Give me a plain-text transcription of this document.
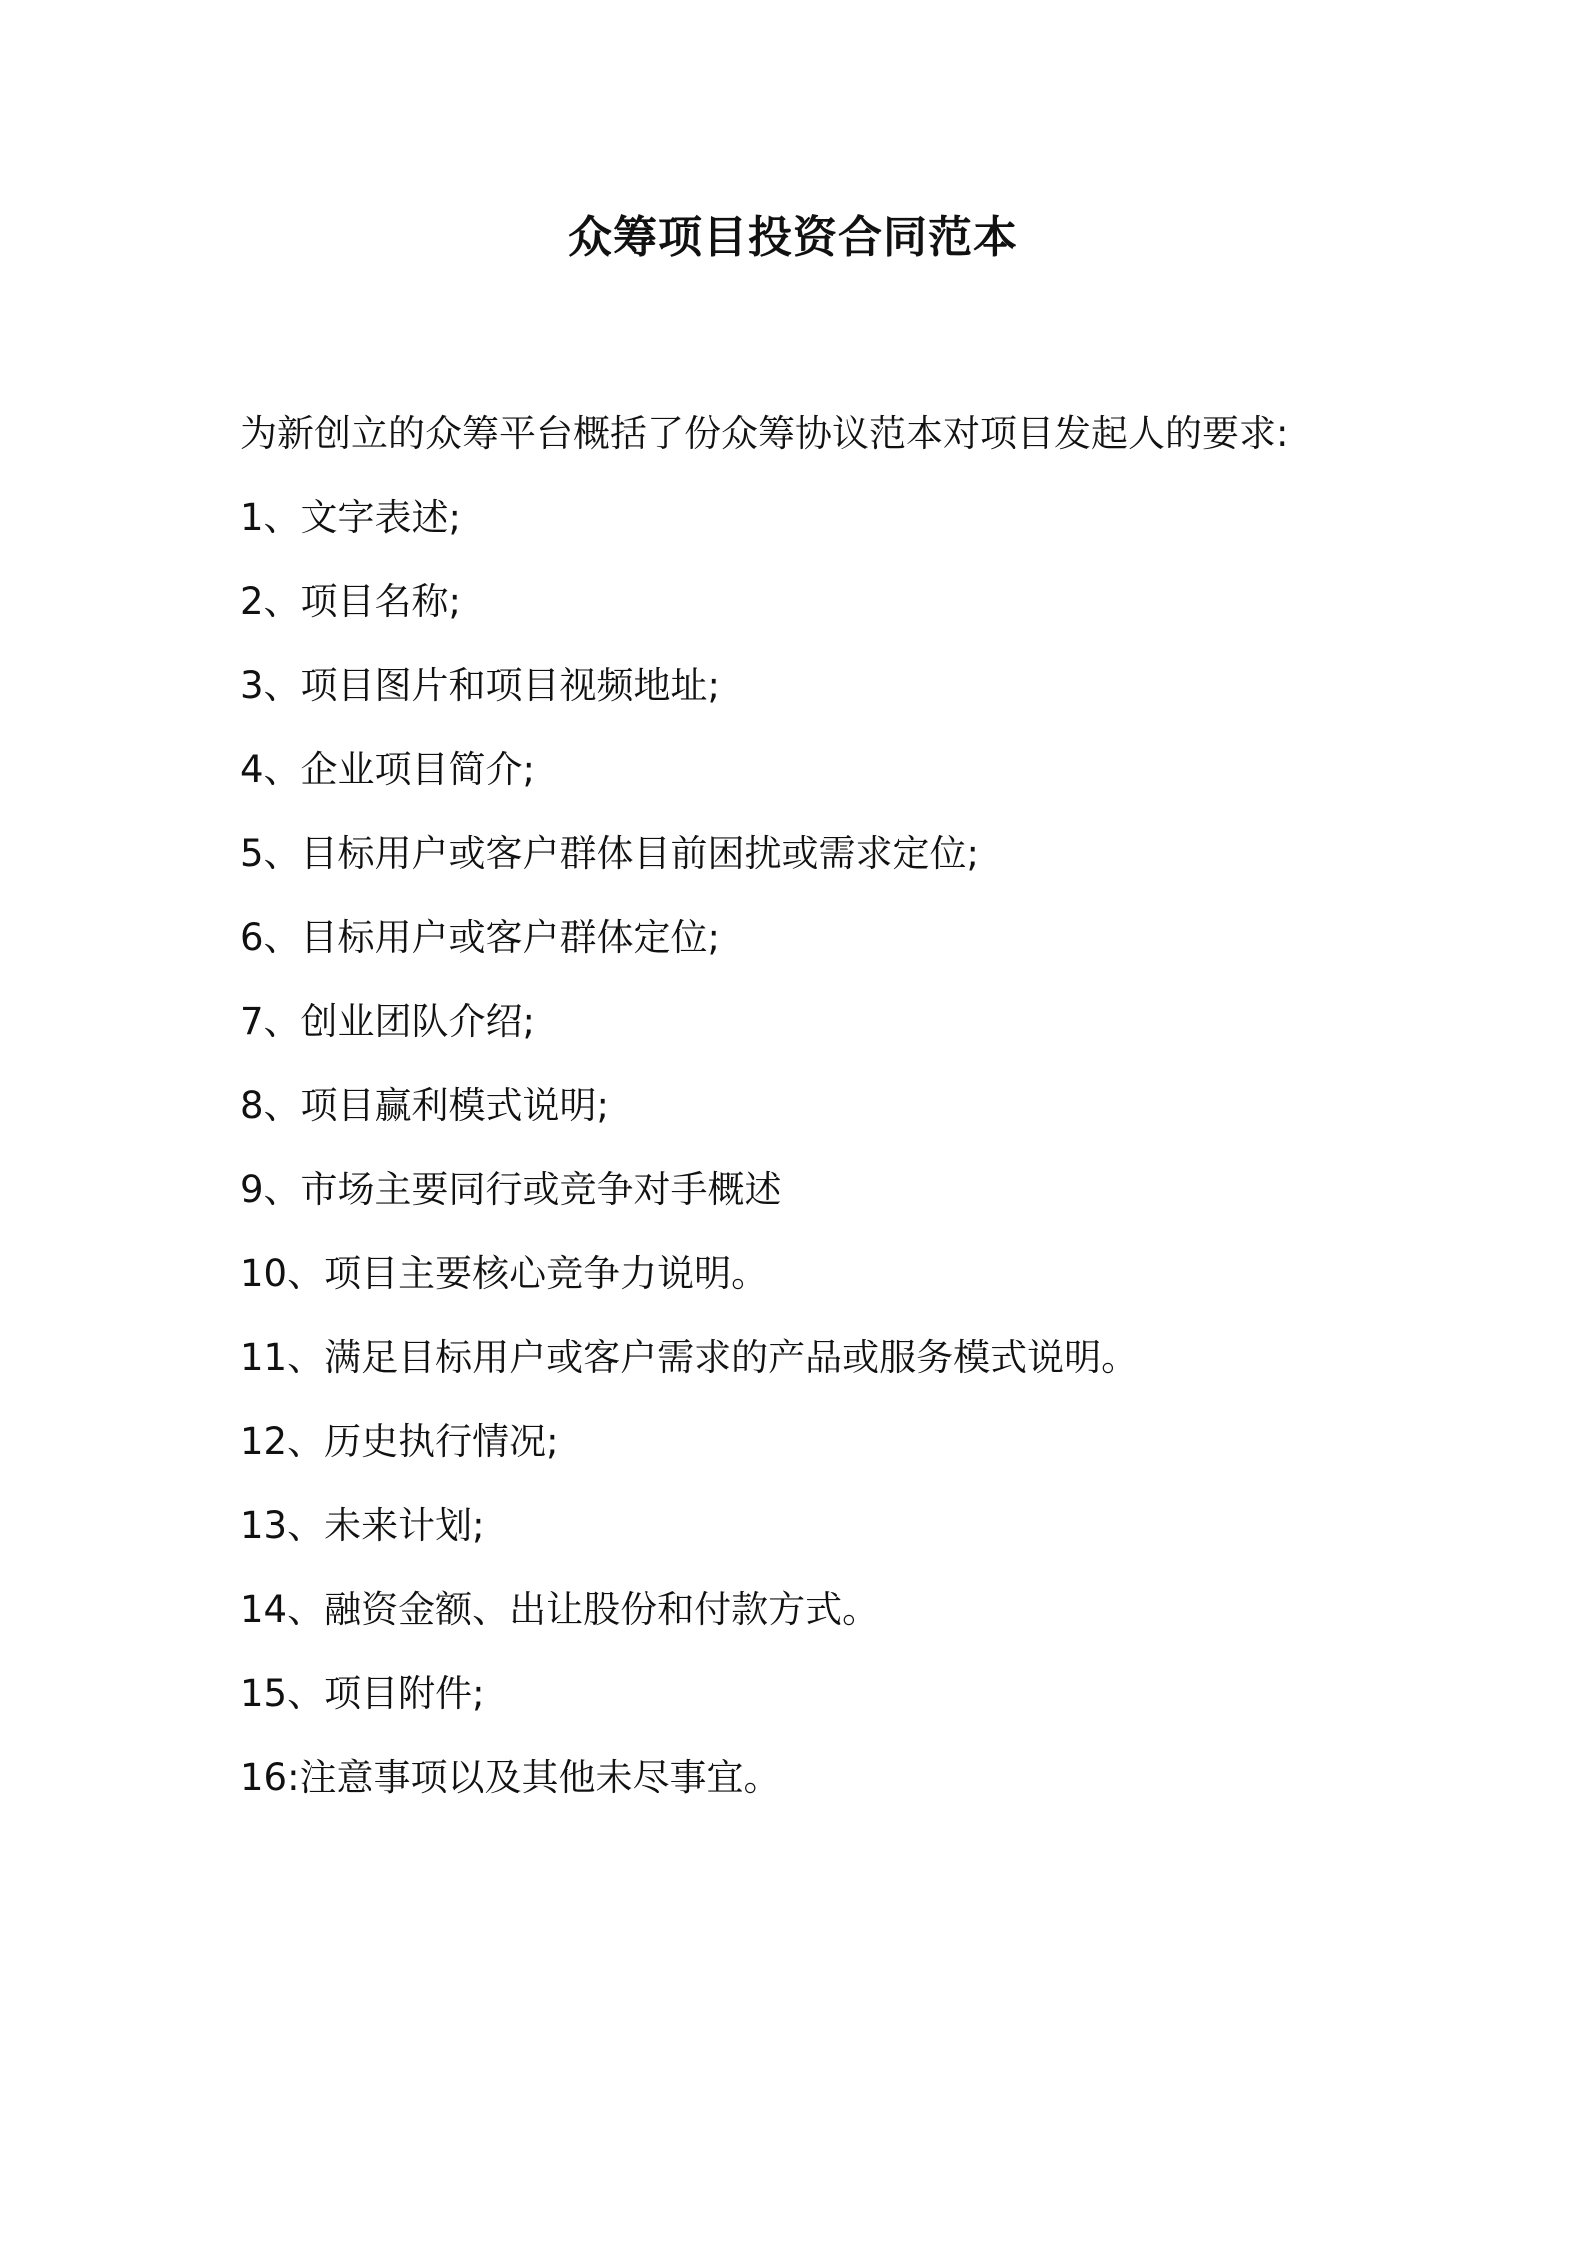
众筹项目投资合同范本

为新创立的众筹平台概括了份众筹协议范本对项目发起人的要求:

1、文字表述;
2、项目名称;
3、项目图片和项目视频地址;
4、企业项目简介;
5、目标用户或客户群体目前困扰或需求定位;
6、目标用户或客户群体定位;
7、创业团队介绍;
8、项目赢利模式说明;
9、市场主要同行或竞争对手概述
10、项目主要核心竞争力说明。
11、满足目标用户或客户需求的产品或服务模式说明。
12、历史执行情况;
13、未来计划;
14、融资金额、出让股份和付款方式。
15、项目附件;
16:注意事项以及其他未尽事宜。
